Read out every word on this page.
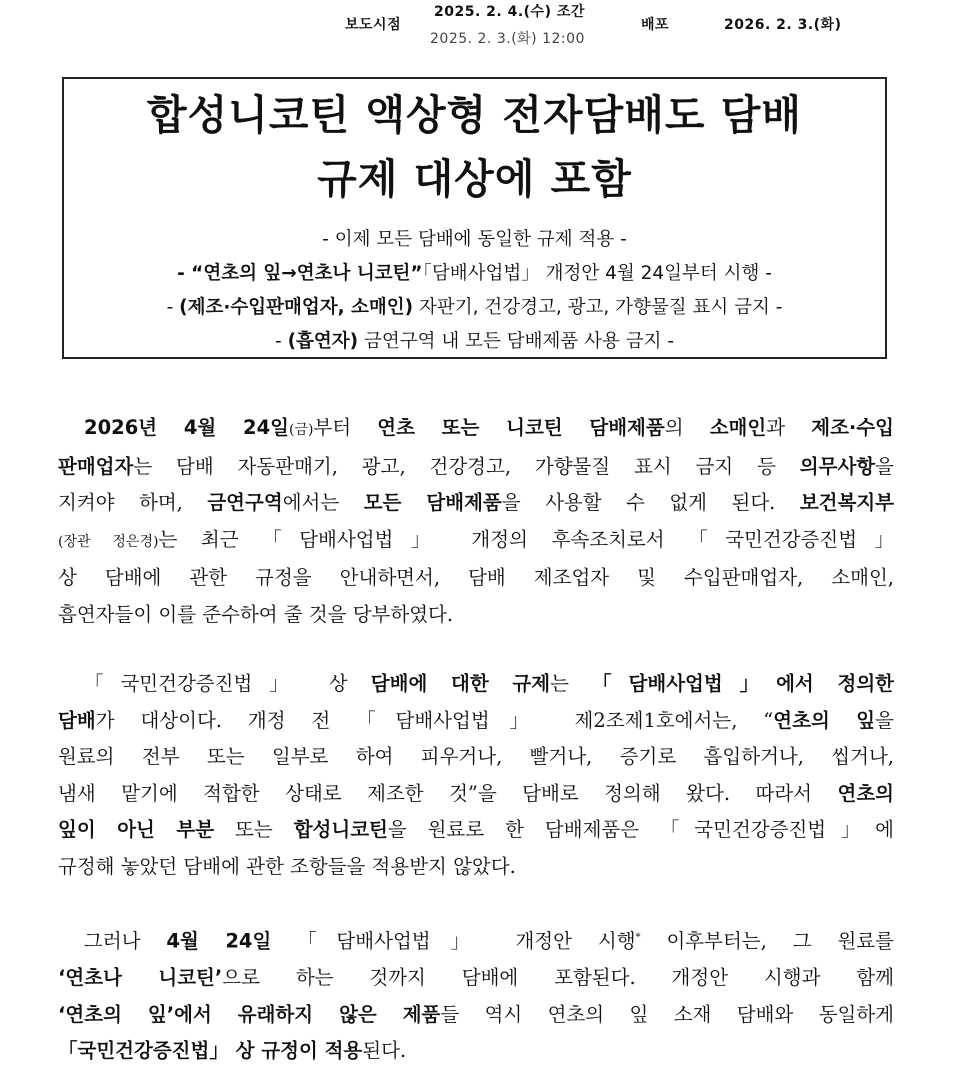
보도시점
2025. 2. 4.(수) 조간
2025. 2. 3.(화) 12:00
배포	2026. 2. 3.(화)
합성니코틴 액상형 전자담배도 담배
규제 대상에 포함
- 이제 모든 담배에 동일한 규제 적용 -
- “연초의 잎→연초나 니코틴”「담배사업법」 개정안 4월 24일부터 시행 -
- (제조·수입판매업자, 소매인) 자판기, 건강경고, 광고, 가향물질 표시 금지 -
- (흡연자) 금연구역 내 모든 담배제품 사용 금지 -
2026년 4월 24일(금)부터 연초 또는 니코틴 담배제품의 소매인과 제조·수입
판매업자는 담배 자동판매기, 광고, 건강경고, 가향물질 표시 금지 등 의무사항을
지켜야 하며, 금연구역에서는 모든 담배제품을 사용할 수 없게 된다. 보건복지부
(장관 정은경)는 최근 「담배사업법」 개정의 후속조치로서 「국민건강증진법」
상 담배에 관한 규정을 안내하면서, 담배 제조업자 및 수입판매업자, 소매인,
흡연자들이 이를 준수하여 줄 것을 당부하였다.
「국민건강증진법」 상 담배에 대한 규제는 「담배사업법」에서 정의한
담배가 대상이다. 개정 전 「담배사업법」 제2조제1호에서는, “연초의 잎을
원료의 전부 또는 일부로 하여 피우거나, 빨거나, 증기로 흡입하거나, 씹거나,
냄새 맡기에 적합한 상태로 제조한 것”을 담배로 정의해 왔다. 따라서 연초의
잎이 아닌 부분 또는 합성니코틴을 원료로 한 담배제품은 「국민건강증진법」에
규정해 놓았던 담배에 관한 조항들을 적용받지 않았다.
그러나 4월 24일 「담배사업법」 개정안 시행* 이후부터는, 그 원료를
‘연초나 니코틴’으로 하는 것까지 담배에 포함된다. 개정안 시행과 함께
‘연초의 잎’에서 유래하지 않은 제품들 역시 연초의 잎 소재 담배와 동일하게
「국민건강증진법」 상 규정이 적용된다.
